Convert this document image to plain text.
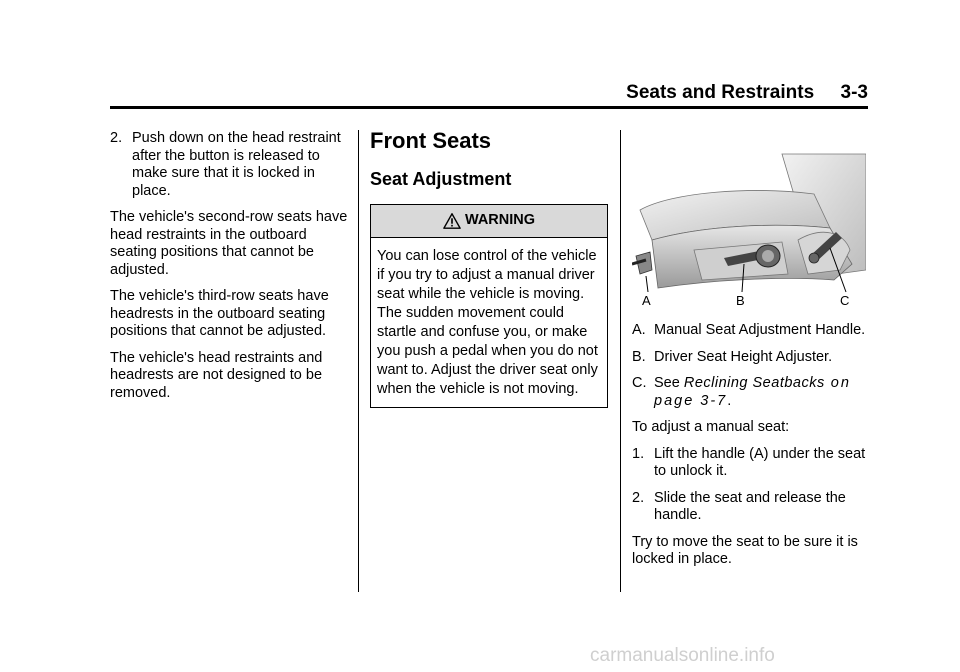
Seats and Restraints     3-3
2. Push down on the head restraint after the button is released to make sure that it is locked in place.

The vehicle's second-row seats have head restraints in the outboard seating positions that cannot be adjusted.

The vehicle's third-row seats have headrests in the outboard seating positions that cannot be adjusted.

The vehicle's head restraints and headrests are not designed to be removed.

Front Seats
Seat Adjustment
WARNING
You can lose control of the vehicle if you try to adjust a manual driver seat while the vehicle is moving. The sudden movement could startle and confuse you, or make you push a pedal when you do not want to. Adjust the driver seat only when the vehicle is not moving.
A	B	C
A. Manual Seat Adjustment Handle.
B. Driver Seat Height Adjuster.
C. See Reclining Seatbacks on
page 3-7.

To adjust a manual seat:

1. Lift the handle (A) under the seat to unlock it.
2. Slide the seat and release the handle.

Try to move the seat to be sure it is locked in place.

carmanualsonline.info
